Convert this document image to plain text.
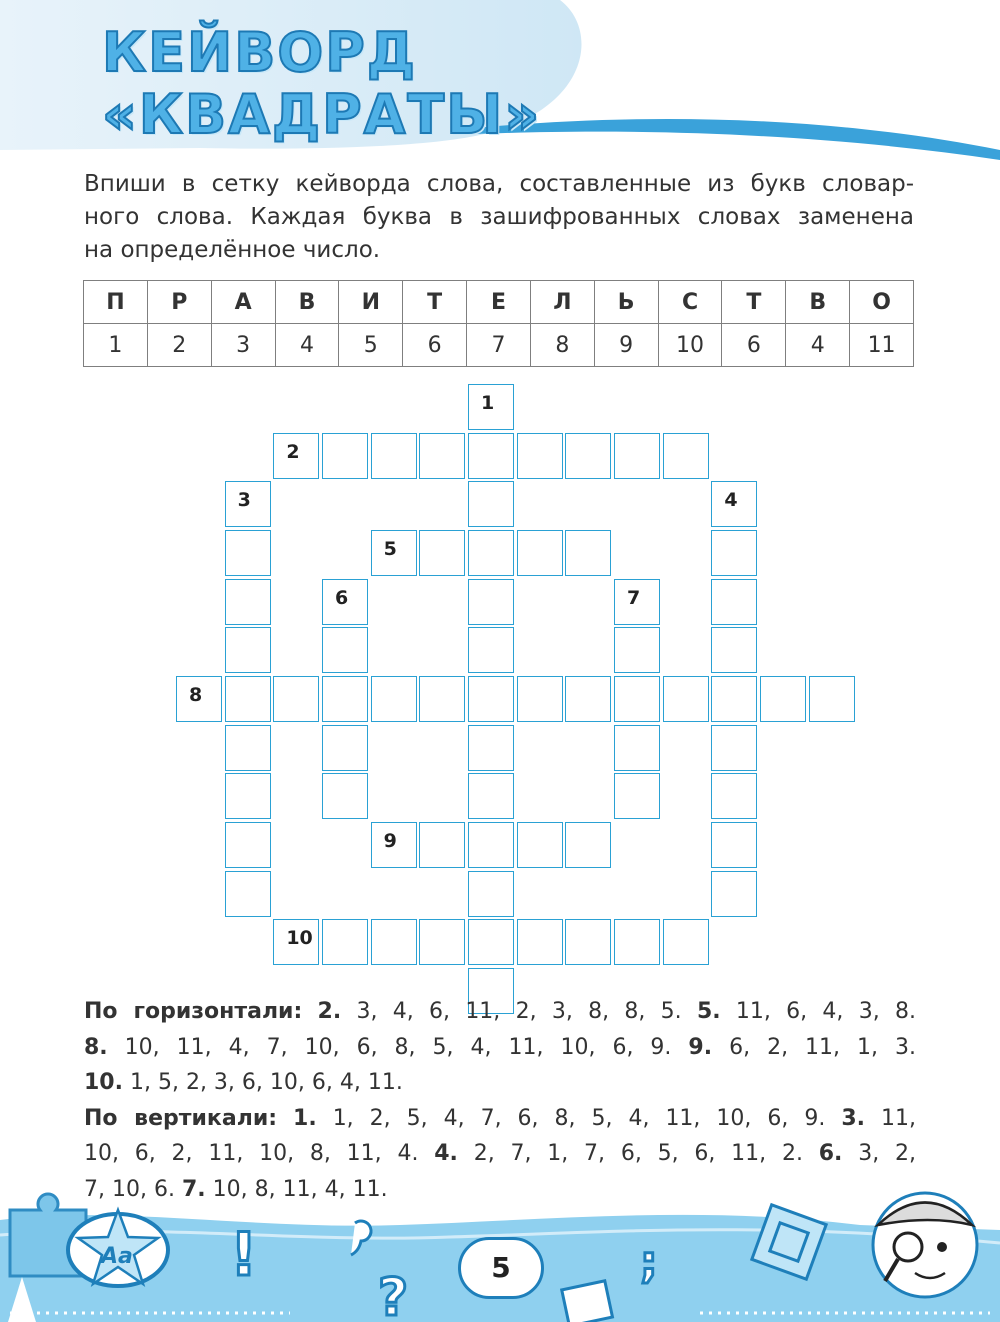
КЕЙВОРД
«КВАДРАТЫ»

Впиши в сетку кейворда слова, составленные из букв словар-
ного слова. Каждая буква в зашифрованных словах заменена
на определённое число.

П	Р	А	В	И	Т	Е	Л	Ь	С	Т	В	О
1	2	3	4	5	6	7	8	9	10	6	4	11
1
2
10
3	4
5
9
6	7
8
По горизонтали: 2. 3, 4, 6, 11, 2, 3, 8, 8, 5. 5. 11, 6, 4, 3, 8.
8. 10, 11, 4, 7, 10, 6, 8, 5, 4, 11, 10, 6, 9. 9. 6, 2, 11, 1, 3.
10. 1, 5, 2, 3, 6, 10, 6, 4, 11.
По вертикали: 1. 1, 2, 5, 4, 7, 6, 8, 5, 4, 11, 10, 6, 9. 3. 11,
10, 6, 2, 11, 10, 8, 11, 4. 4. 2, 7, 1, 7, 6, 5, 6, 11, 2. 6. 3, 2,
7, 10, 6. 7. 10, 8, 11, 4, 11.
Aa !
?
;
5
